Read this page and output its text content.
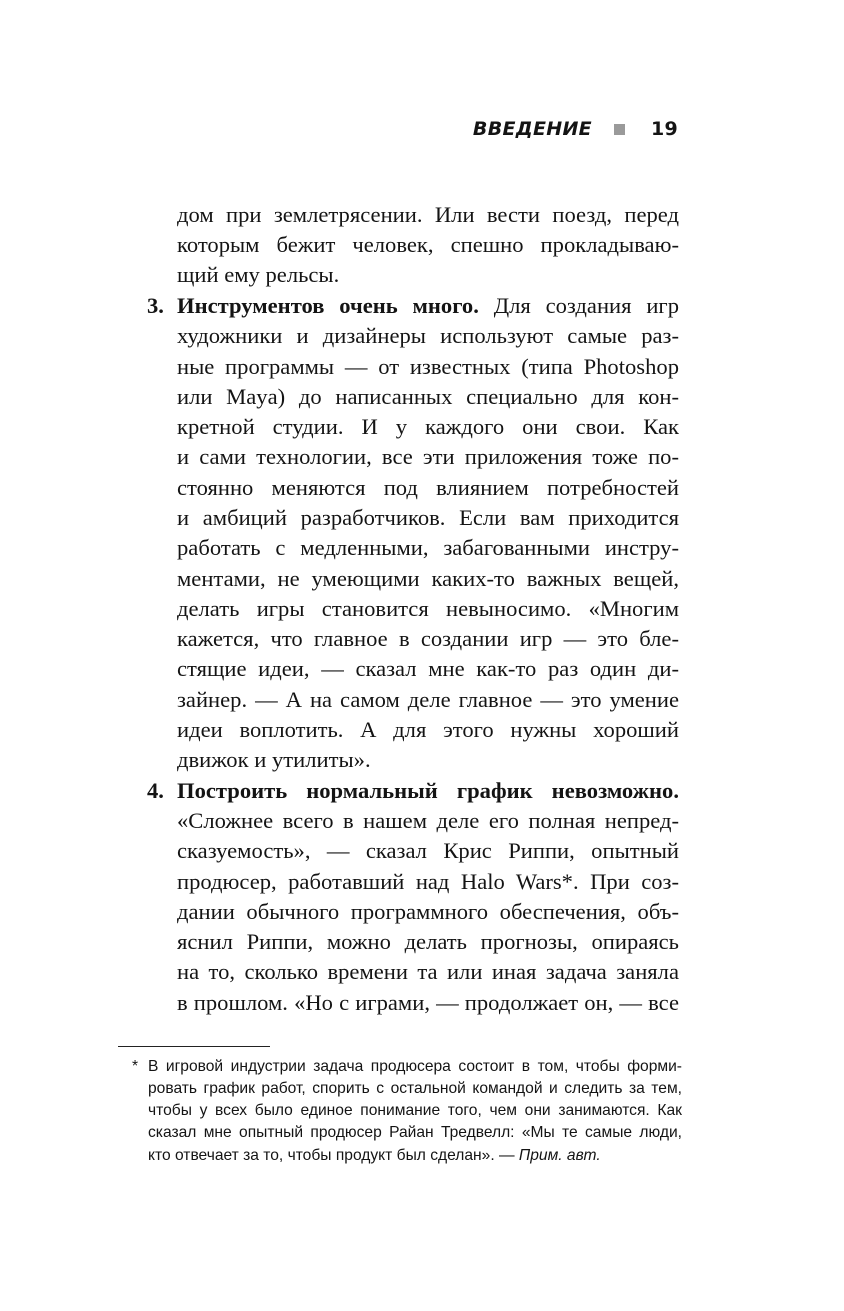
ВВЕДЕНИЕ	19
дом при землетрясении. Или вести поезд, перед
которым бежит человек, спешно прокладываю-
щий ему рельсы.
3. Инструментов очень много. Для создания игр
художники и дизайнеры используют самые раз-
ные программы — от известных (типа Photoshop
или Maya) до написанных специально для кон-
кретной студии. И у каждого они свои. Как
и сами технологии, все эти приложения тоже по-
стоянно меняются под влиянием потребностей
и амбиций разработчиков. Если вам приходится
работать с медленными, забагованными инстру-
ментами, не умеющими каких-то важных вещей,
делать игры становится невыносимо. «Многим
кажется, что главное в создании игр — это бле-
стящие идеи, — сказал мне как-то раз один ди-
зайнер. — А на самом деле главное — это умение
идеи воплотить. А для этого нужны хороший
движок и утилиты».
4. Построить нормальный график невозможно.
«Сложнее всего в нашем деле его полная непред-
сказуемость», — сказал Крис Риппи, опытный
продюсер, работавший над Halo Wars*. При соз-
дании обычного программного обеспечения, объ-
яснил Риппи, можно делать прогнозы, опираясь
на то, сколько времени та или иная задача заняла
в прошлом. «Но с играми, — продолжает он, — все
* В игровой индустрии задача продюсера состоит в том, чтобы форми-
ровать график работ, спорить с остальной командой и следить за тем,
чтобы у всех было единое понимание того, чем они занимаются. Как
сказал мне опытный продюсер Райан Тредвелл: «Мы те самые люди,
кто отвечает за то, чтобы продукт был сделан». — Прим. авт.
